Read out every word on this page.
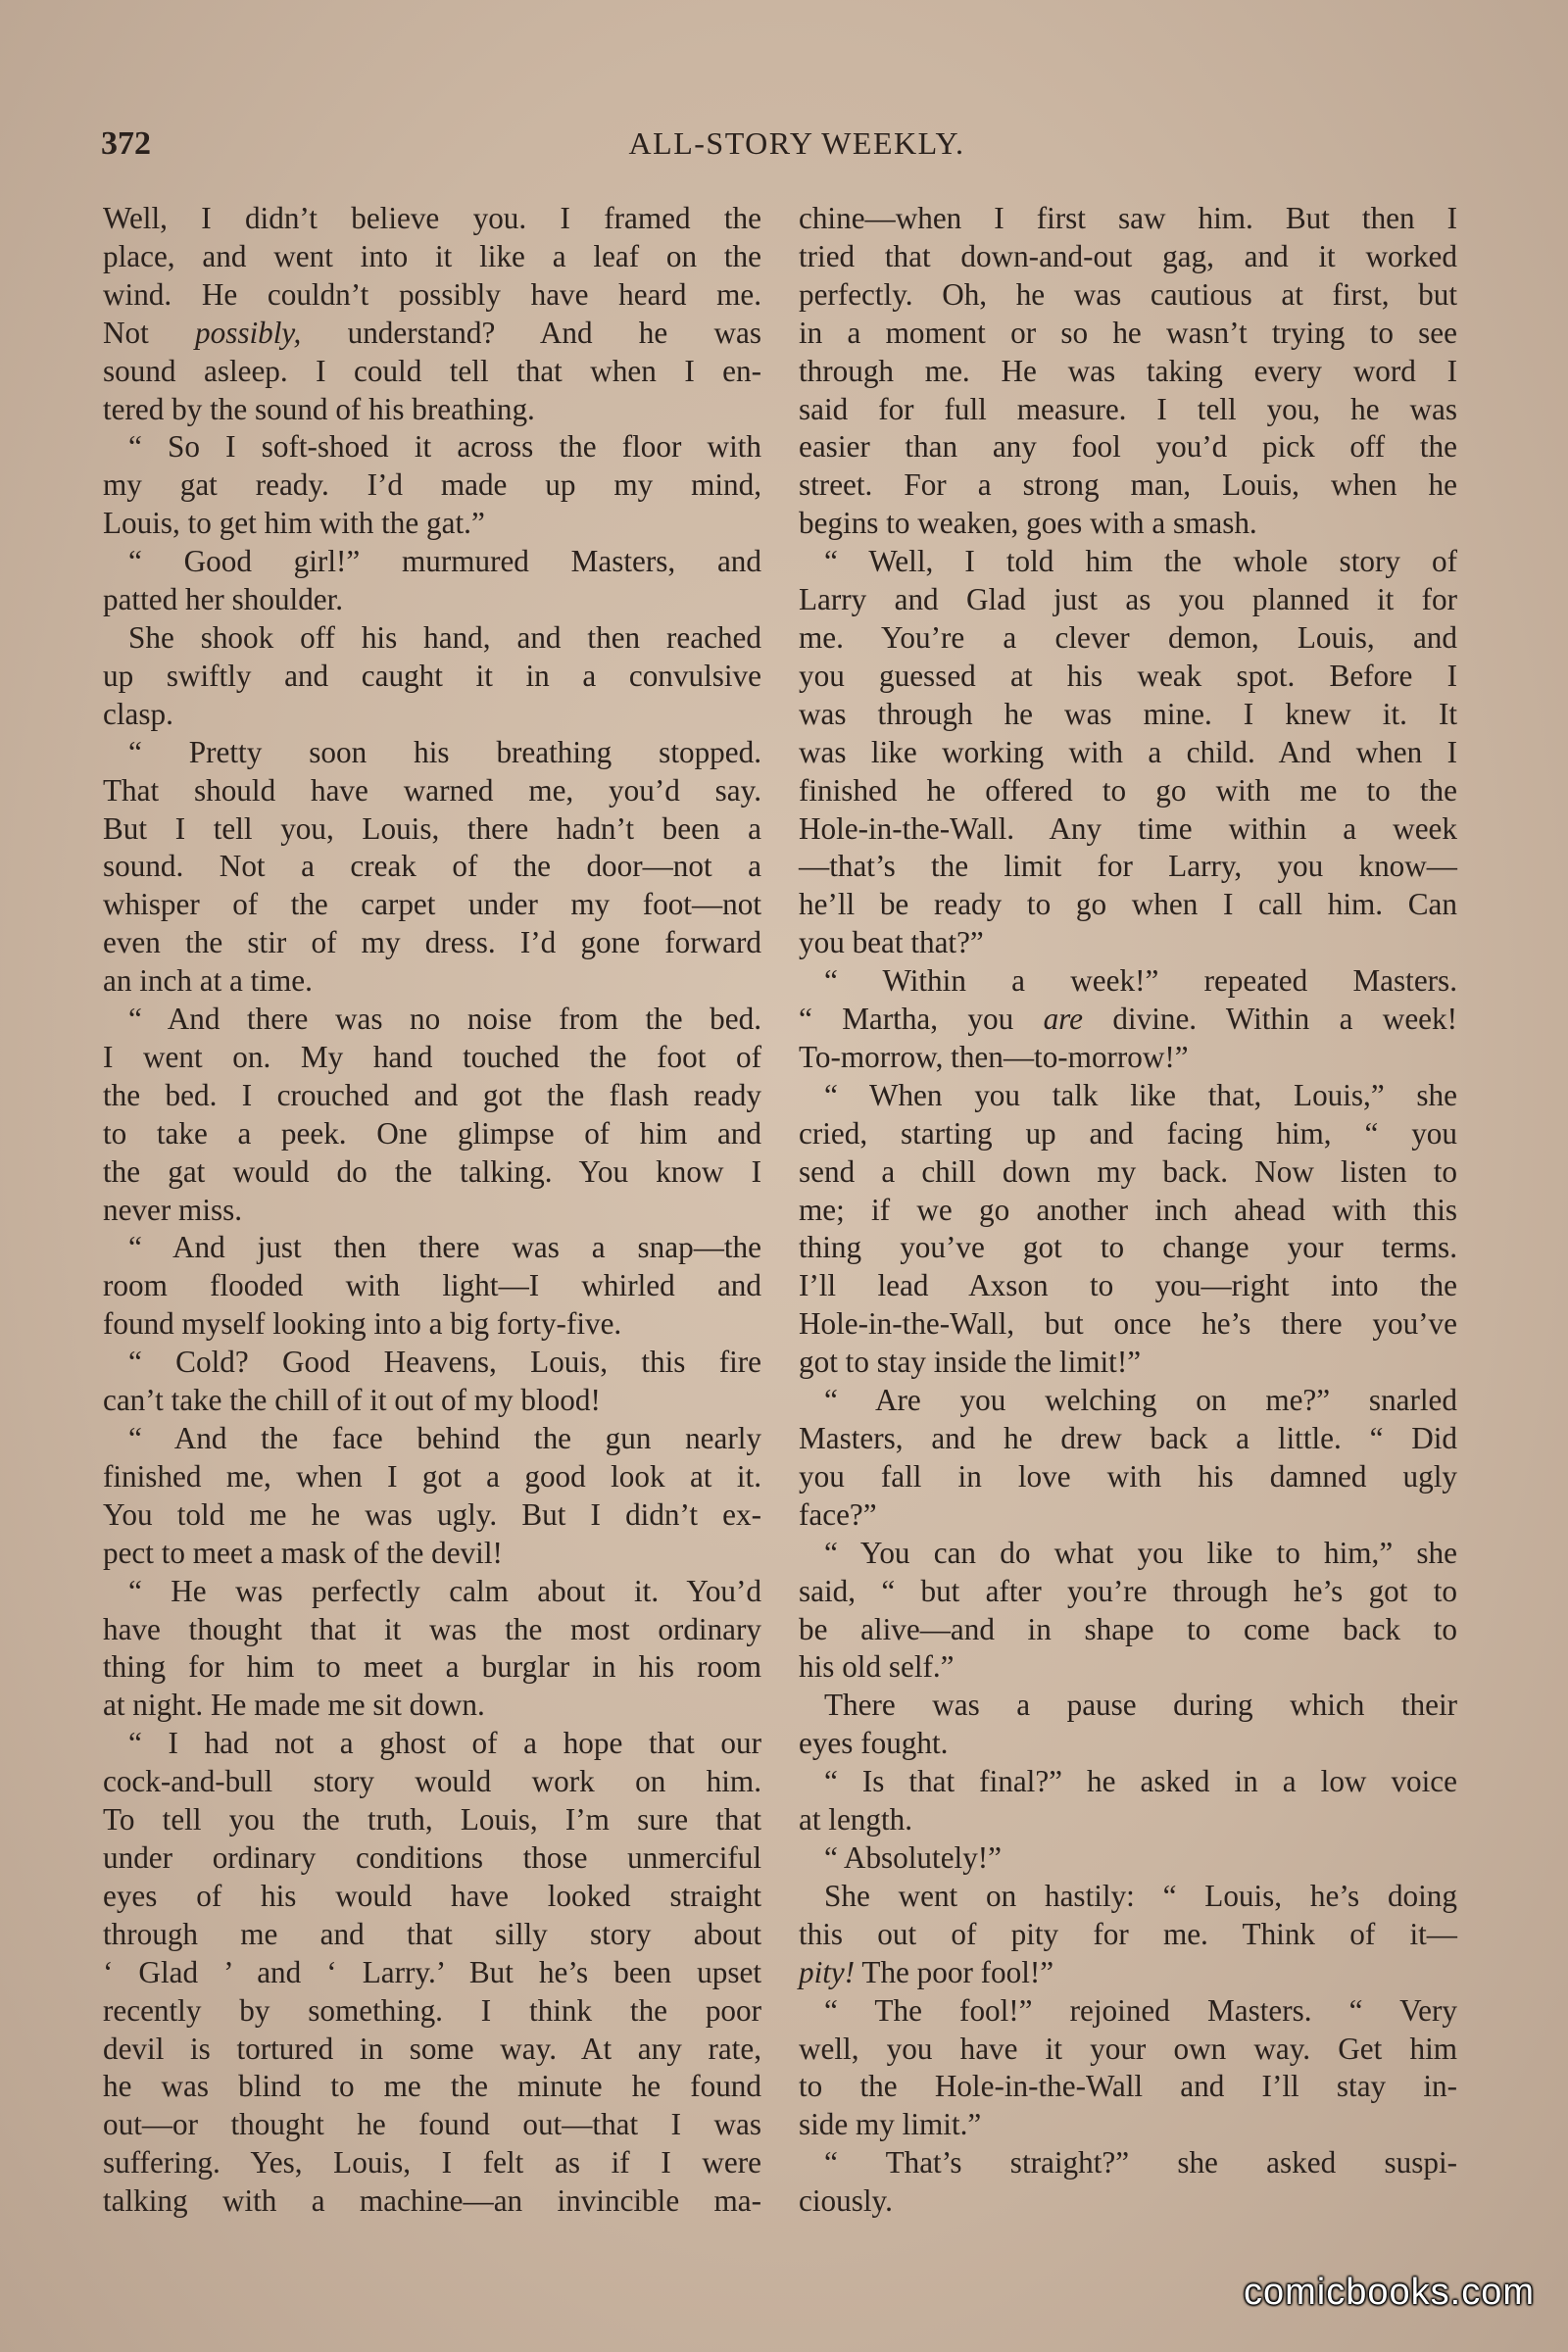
ALL-STORY WEEKLY.
372
Well, I didn’t believe you. I framed the
place, and went into it like a leaf on the
wind. He couldn’t possibly have heard me.
Not possibly, understand? And he was
sound asleep. I could tell that when I en-
tered by the sound of his breathing.
“ So I soft-shoed it across the floor with
my gat ready. I’d made up my mind,
Louis, to get him with the gat.”
“ Good girl!” murmured Masters, and
patted her shoulder.
She shook off his hand, and then reached
up swiftly and caught it in a convulsive
clasp.
“ Pretty soon his breathing stopped.
That should have warned me, you’d say.
But I tell you, Louis, there hadn’t been a
sound. Not a creak of the door—not a
whisper of the carpet under my foot—not
even the stir of my dress. I’d gone forward
an inch at a time.
“ And there was no noise from the bed.
I went on. My hand touched the foot of
the bed. I crouched and got the flash ready
to take a peek. One glimpse of him and
the gat would do the talking. You know I
never miss.
“ And just then there was a snap—the
room flooded with light—I whirled and
found myself looking into a big forty-five.
“ Cold? Good Heavens, Louis, this fire
can’t take the chill of it out of my blood!
“ And the face behind the gun nearly
finished me, when I got a good look at it.
You told me he was ugly. But I didn’t ex-
pect to meet a mask of the devil!
“ He was perfectly calm about it. You’d
have thought that it was the most ordinary
thing for him to meet a burglar in his room
at night. He made me sit down.
“ I had not a ghost of a hope that our
cock-and-bull story would work on him.
To tell you the truth, Louis, I’m sure that
under ordinary conditions those unmerciful
eyes of his would have looked straight
through me and that silly story about
‘ Glad ’ and ‘ Larry.’ But he’s been upset
recently by something. I think the poor
devil is tortured in some way. At any rate,
he was blind to me the minute he found
out—or thought he found out—that I was
suffering. Yes, Louis, I felt as if I were
talking with a machine—an invincible ma-
chine—when I first saw him. But then I
tried that down-and-out gag, and it worked
perfectly. Oh, he was cautious at first, but
in a moment or so he wasn’t trying to see
through me. He was taking every word I
said for full measure. I tell you, he was
easier than any fool you’d pick off the
street. For a strong man, Louis, when he
begins to weaken, goes with a smash.
“ Well, I told him the whole story of
Larry and Glad just as you planned it for
me. You’re a clever demon, Louis, and
you guessed at his weak spot. Before I
was through he was mine. I knew it. It
was like working with a child. And when I
finished he offered to go with me to the
Hole-in-the-Wall. Any time within a week
—that’s the limit for Larry, you know—
he’ll be ready to go when I call him. Can
you beat that?”
“ Within a week!” repeated Masters.
“ Martha, you are divine. Within a week!
To-morrow, then—to-morrow!”
“ When you talk like that, Louis,” she
cried, starting up and facing him, “ you
send a chill down my back. Now listen to
me; if we go another inch ahead with this
thing you’ve got to change your terms.
I’ll lead Axson to you—right into the
Hole-in-the-Wall, but once he’s there you’ve
got to stay inside the limit!”
“ Are you welching on me?” snarled
Masters, and he drew back a little. “ Did
you fall in love with his damned ugly
face?”
“ You can do what you like to him,” she
said, “ but after you’re through he’s got to
be alive—and in shape to come back to
his old self.”
There was a pause during which their
eyes fought.
“ Is that final?” he asked in a low voice
at length.
“ Absolutely!”
She went on hastily: “ Louis, he’s doing
this out of pity for me. Think of it—
pity! The poor fool!”
“ The fool!” rejoined Masters. “ Very
well, you have it your own way. Get him
to the Hole-in-the-Wall and I’ll stay in-
side my limit.”
“ That’s straight?” she asked suspi-
ciously.
comicbooks.com
